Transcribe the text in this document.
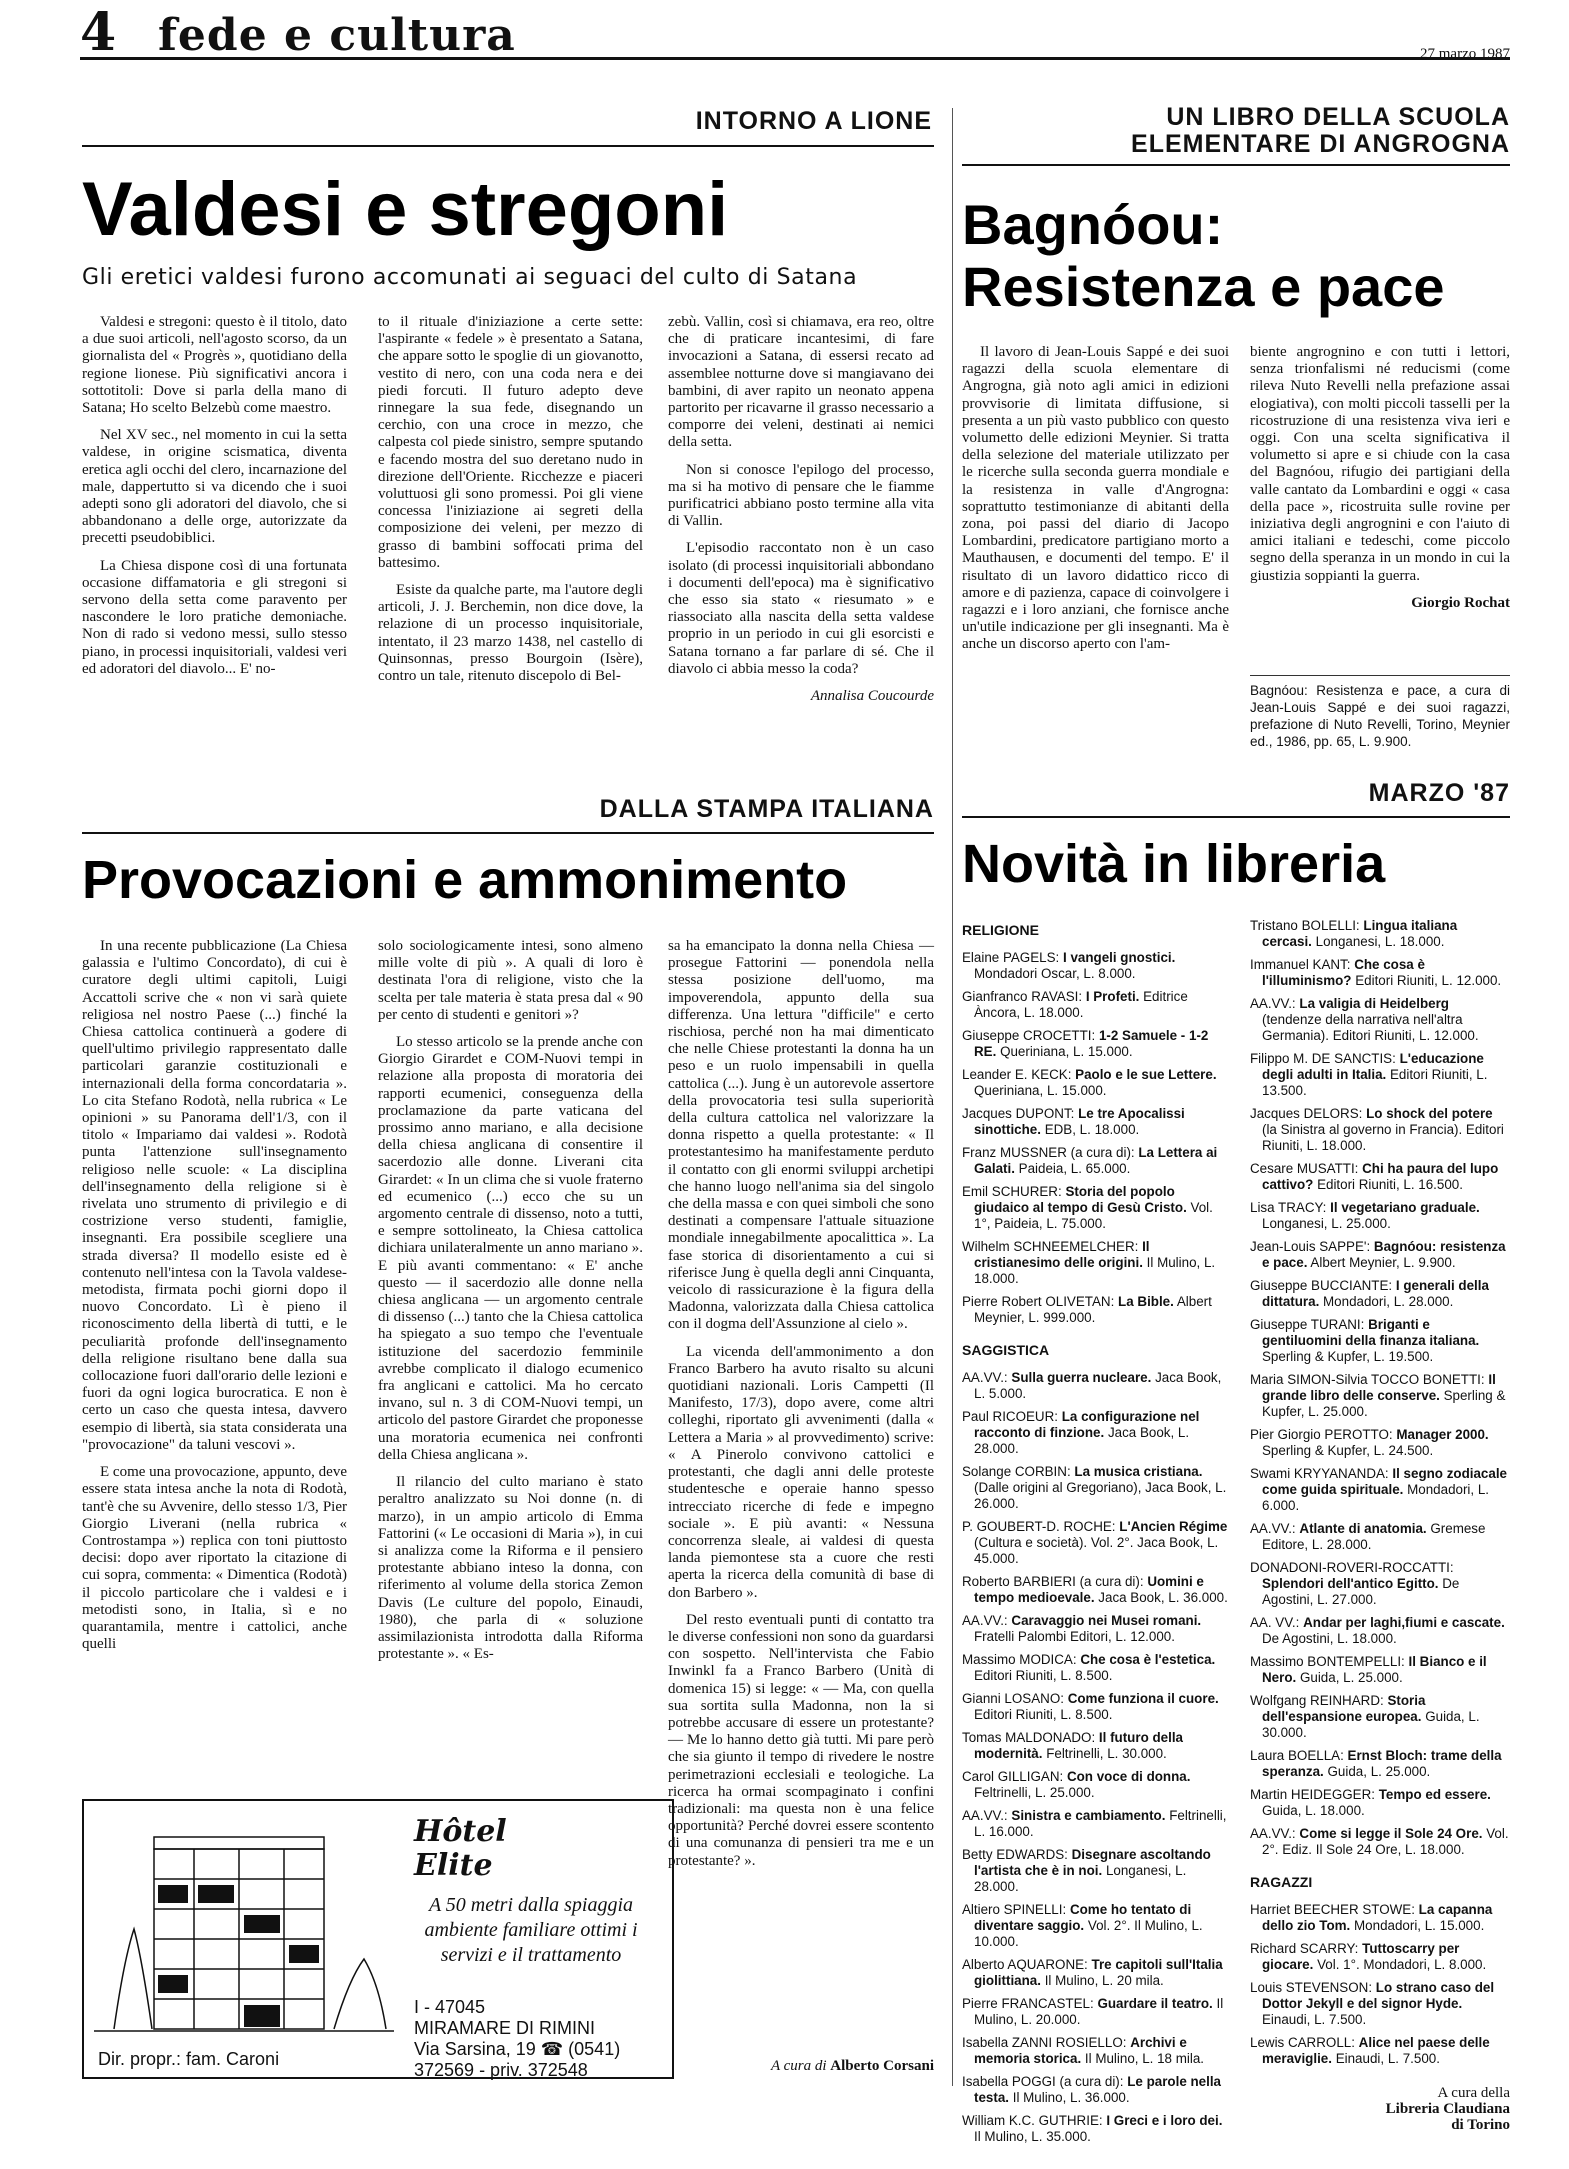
4 fede e cultura	27 marzo 1987
INTORNO A LIONE
Valdesi e stregoni
Gli eretici valdesi furono accomunati ai seguaci del culto di Satana

Valdesi e stregoni: questo è il titolo, dato a due suoi articoli, nell'agosto scorso, da un giornalista del « Progrès », quotidiano della regione lionese. Più significativi ancora i sottotitoli: Dove si parla della mano di Satana; Ho scelto Belzebù come maestro.

Nel XV sec., nel momento in cui la setta valdese, in origine scismatica, diventa eretica agli occhi del clero, incarnazione del male, dappertutto si va dicendo che i suoi adepti sono gli adoratori del diavolo, che si abbandonano a delle orge, autorizzate da precetti pseudobiblici.

La Chiesa dispone così di una fortunata occasione diffamatoria e gli stregoni si servono della setta come paravento per nascondere le loro pratiche demoniache. Non di rado si vedono messi, sullo stesso piano, in processi inquisitoriali, valdesi veri ed adoratori del diavolo... E' no-

to il rituale d'iniziazione a certe sette: l'aspirante « fedele » è presentato a Satana, che appare sotto le spoglie di un giovanotto, vestito di nero, con una coda nera e dei piedi forcuti. Il futuro adepto deve rinnegare la sua fede, disegnando un cerchio, con una croce in mezzo, che calpesta col piede sinistro, sempre sputando e facendo mostra del suo deretano nudo in direzione dell'Oriente. Ricchezze e piaceri voluttuosi gli sono promessi. Poi gli viene concessa l'iniziazione ai segreti della composizione dei veleni, per mezzo di grasso di bambini soffocati prima del battesimo.

Esiste da qualche parte, ma l'autore degli articoli, J. J. Berchemin, non dice dove, la relazione di un processo inquisitoriale, intentato, il 23 marzo 1438, nel castello di Quinsonnas, presso Bourgoin (Isère), contro un tale, ritenuto discepolo di Bel-

zebù. Vallin, così si chiamava, era reo, oltre che di praticare incantesimi, di fare invocazioni a Satana, di essersi recato ad assemblee notturne dove si mangiavano dei bambini, di aver rapito un neonato appena partorito per ricavarne il grasso necessario a comporre dei veleni, destinati ai nemici della setta.

Non si conosce l'epilogo del processo, ma si ha motivo di pensare che le fiamme purificatrici abbiano posto termine alla vita di Vallin.

L'episodio raccontato non è un caso isolato (di processi inquisitoriali abbondano i documenti dell'epoca) ma è significativo che esso sia stato « riesumato » e riassociato alla nascita della setta valdese proprio in un periodo in cui gli esorcisti e Satana tornano a far parlare di sé. Che il diavolo ci abbia messo la coda?

Annalisa Coucourde
UN LIBRO DELLA SCUOLA ELEMENTARE DI ANGROGNA
Bagnóou:
Resistenza e pace

Il lavoro di Jean-Louis Sappé e dei suoi ragazzi della scuola elementare di Angrogna, già noto agli amici in edizioni provvisorie di limitata diffusione, si presenta a un più vasto pubblico con questo volumetto delle edizioni Meynier. Si tratta della selezione del materiale utilizzato per le ricerche sulla seconda guerra mondiale e la resistenza in valle d'Angrogna: soprattutto testimonianze di abitanti della zona, poi passi del diario di Jacopo Lombardini, predicatore partigiano morto a Mauthausen, e documenti del tempo. E' il risultato di un lavoro didattico ricco di amore e di pazienza, capace di coinvolgere i ragazzi e i loro anziani, che fornisce anche un'utile indicazione per gli insegnanti. Ma è anche un discorso aperto con l'am-

biente angrognino e con tutti i lettori, senza trionfalismi né reducismi (come rileva Nuto Revelli nella prefazione assai elogiativa), con molti piccoli tasselli per la ricostruzione di una resistenza viva ieri e oggi. Con una scelta significativa il volumetto si apre e si chiude con la casa del Bagnóou, rifugio dei partigiani della valle cantato da Lombardini e oggi « casa della pace », ricostruita sulle rovine per iniziativa degli angrognini e con l'aiuto di amici italiani e tedeschi, come piccolo segno della speranza in un mondo in cui la giustizia soppianti la guerra.

Giorgio Rochat
Bagnóou: Resistenza e pace, a cura di Jean-Louis Sappé e dei suoi ragazzi, prefazione di Nuto Revelli, Torino, Meynier ed., 1986, pp. 65, L. 9.900.
DALLA STAMPA ITALIANA
Provocazioni e ammonimento

In una recente pubblicazione (La Chiesa galassia e l'ultimo Concordato), di cui è curatore degli ultimi capitoli, Luigi Accattoli scrive che « non vi sarà quiete religiosa nel nostro Paese (...) finché la Chiesa cattolica continuerà a godere di quell'ultimo privilegio rappresentato dalle particolari garanzie costituzionali e internazionali della forma concordataria ». Lo cita Stefano Rodotà, nella rubrica « Le opinioni » su Panorama dell'1/3, con il titolo « Impariamo dai valdesi ». Rodotà punta l'attenzione sull'insegnamento religioso nelle scuole: « La disciplina dell'insegnamento della religione si è rivelata uno strumento di privilegio e di costrizione verso studenti, famiglie, insegnanti. Era possibile scegliere una strada diversa? Il modello esiste ed è contenuto nell'intesa con la Tavola valdese-metodista, firmata pochi giorni dopo il nuovo Concordato. Lì è pieno il riconoscimento della libertà di tutti, e le peculiarità profonde dell'insegnamento della religione risultano bene dalla sua collocazione fuori dall'orario delle lezioni e fuori da ogni logica burocratica. E non è certo un caso che questa intesa, davvero esempio di libertà, sia stata considerata una "provocazione" da taluni vescovi ».

E come una provocazione, appunto, deve essere stata intesa anche la nota di Rodotà, tant'è che su Avvenire, dello stesso 1/3, Pier Giorgio Liverani (nella rubrica « Controstampa ») replica con toni piuttosto decisi: dopo aver riportato la citazione di cui sopra, commenta: « Dimentica (Rodotà) il piccolo particolare che i valdesi e i metodisti sono, in Italia, sì e no quarantamila, mentre i cattolici, anche quelli

solo sociologicamente intesi, sono almeno mille volte di più ». A quali di loro è destinata l'ora di religione, visto che la scelta per tale materia è stata presa dal « 90 per cento di studenti e genitori »?

Lo stesso articolo se la prende anche con Giorgio Girardet e COM-Nuovi tempi in relazione alla proposta di moratoria dei rapporti ecumenici, conseguenza della proclamazione da parte vaticana del prossimo anno mariano, e alla decisione della chiesa anglicana di consentire il sacerdozio alle donne. Liverani cita Girardet: « In un clima che si vuole fraterno ed ecumenico (...) ecco che su un argomento centrale di dissenso, noto a tutti, e sempre sottolineato, la Chiesa cattolica dichiara unilateralmente un anno mariano ». E più avanti commentano: « E' anche questo — il sacerdozio alle donne nella chiesa anglicana — un argomento centrale di dissenso (...) tanto che la Chiesa cattolica ha spiegato a suo tempo che l'eventuale istituzione del sacerdozio femminile avrebbe complicato il dialogo ecumenico fra anglicani e cattolici. Ma ho cercato invano, sul n. 3 di COM-Nuovi tempi, un articolo del pastore Girardet che proponesse una moratoria ecumenica nei confronti della Chiesa anglicana ».

Il rilancio del culto mariano è stato peraltro analizzato su Noi donne (n. di marzo), in un ampio articolo di Emma Fattorini (« Le occasioni di Maria »), in cui si analizza come la Riforma e il pensiero protestante abbiano inteso la donna, con riferimento al volume della storica Zemon Davis (Le culture del popolo, Einaudi, 1980), che parla di « soluzione assimilazionista introdotta dalla Riforma protestante ». « Es-

sa ha emancipato la donna nella Chiesa — prosegue Fattorini — ponendola nella stessa posizione dell'uomo, ma impoverendola, appunto della sua differenza. Una lettura "difficile" e certo rischiosa, perché non ha mai dimenticato che nelle Chiese protestanti la donna ha un peso e un ruolo impensabili in quella cattolica (...). Jung è un autorevole assertore della provocatoria tesi sulla superiorità della cultura cattolica nel valorizzare la donna rispetto a quella protestante: « Il protestantesimo ha manifestamente perduto il contatto con gli enormi sviluppi archetipi che hanno luogo nell'anima sia del singolo che della massa e con quei simboli che sono destinati a compensare l'attuale situazione mondiale innegabilmente apocalittica ». La fase storica di disorientamento a cui si riferisce Jung è quella degli anni Cinquanta, veicolo di rassicurazione è la figura della Madonna, valorizzata dalla Chiesa cattolica con il dogma dell'Assunzione al cielo ».

La vicenda dell'ammonimento a don Franco Barbero ha avuto risalto su alcuni quotidiani nazionali. Loris Campetti (Il Manifesto, 17/3), dopo avere, come altri colleghi, riportato gli avvenimenti (dalla « Lettera a Maria » al provvedimento) scrive: « A Pinerolo convivono cattolici e protestanti, che dagli anni delle proteste studentesche e operaie hanno spesso intrecciato ricerche di fede e impegno sociale ». E più avanti: « Nessuna concorrenza sleale, ai valdesi di questa landa piemontese sta a cuore che resti aperta la ricerca della comunità di base di don Barbero ».

Del resto eventuali punti di contatto tra le diverse confessioni non sono da guardarsi con sospetto. Nell'intervista che Fabio Inwinkl fa a Franco Barbero (Unità di domenica 15) si legge: « — Ma, con quella sua sortita sulla Madonna, non la si potrebbe accusare di essere un protestante? — Me lo hanno detto già tutti. Mi pare però che sia giunto il tempo di rivedere le nostre perimetrazioni ecclesiali e teologiche. La ricerca ha ormai scompaginato i confini tradizionali: ma questa non è una felice opportunità? Perché dovrei essere scontento di una comunanza di pensieri tra me e un protestante? ».

A cura di Alberto Corsani
MARZO '87
Novità in libreria
RELIGIONE
Elaine PAGELS: I vangeli gnostici. Mondadori Oscar, L. 8.000.
Gianfranco RAVASI: I Profeti. Editrice Àncora, L. 18.000.
Giuseppe CROCETTI: 1-2 Samuele - 1-2 RE. Queriniana, L. 15.000.
Leander E. KECK: Paolo e le sue Lettere. Queriniana, L. 15.000.
Jacques DUPONT: Le tre Apocalissi sinottiche. EDB, L. 18.000.
Franz MUSSNER (a cura di): La Lettera ai Galati. Paideia, L. 65.000.
Emil SCHURER: Storia del popolo giudaico al tempo di Gesù Cristo. Vol. 1°, Paideia, L. 75.000.
Wilhelm SCHNEEMELCHER: Il cristianesimo delle origini. Il Mulino, L. 18.000.
Pierre Robert OLIVETAN: La Bible. Albert Meynier, L. 999.000.
SAGGISTICA
AA.VV.: Sulla guerra nucleare. Jaca Book, L. 5.000.
Paul RICOEUR: La configurazione nel racconto di finzione. Jaca Book, L. 28.000.
Solange CORBIN: La musica cristiana. (Dalle origini al Gregoriano), Jaca Book, L. 26.000.
P. GOUBERT-D. ROCHE: L'Ancien Régime (Cultura e società). Vol. 2°. Jaca Book, L. 45.000.
Roberto BARBIERI (a cura di): Uomini e tempo medioevale. Jaca Book, L. 36.000.
AA.VV.: Caravaggio nei Musei romani. Fratelli Palombi Editori, L. 12.000.
Massimo MODICA: Che cosa è l'estetica. Editori Riuniti, L. 8.500.
Gianni LOSANO: Come funziona il cuore. Editori Riuniti, L. 8.500.
Tomas MALDONADO: Il futuro della modernità. Feltrinelli, L. 30.000.
Carol GILLIGAN: Con voce di donna. Feltrinelli, L. 25.000.
AA.VV.: Sinistra e cambiamento. Feltrinelli, L. 16.000.
Betty EDWARDS: Disegnare ascoltando l'artista che è in noi. Longanesi, L. 28.000.
Altiero SPINELLI: Come ho tentato di diventare saggio. Vol. 2°. Il Mulino, L. 10.000.
Alberto AQUARONE: Tre capitoli sull'Italia giolittiana. Il Mulino, L. 20 mila.
Pierre FRANCASTEL: Guardare il teatro. Il Mulino, L. 20.000.
Isabella ZANNI ROSIELLO: Archivi e memoria storica. Il Mulino, L. 18 mila.
Isabella POGGI (a cura di): Le parole nella testa. Il Mulino, L. 36.000.
William K.C. GUTHRIE: I Greci e i loro dei. Il Mulino, L. 35.000.
Tristano BOLELLI: Lingua italiana cercasi. Longanesi, L. 18.000.
Immanuel KANT: Che cosa è l'illuminismo? Editori Riuniti, L. 12.000.
AA.VV.: La valigia di Heidelberg (tendenze della narrativa nell'altra Germania). Editori Riuniti, L. 12.000.
Filippo M. DE SANCTIS: L'educazione degli adulti in Italia. Editori Riuniti, L. 13.500.
Jacques DELORS: Lo shock del potere (la Sinistra al governo in Francia). Editori Riuniti, L. 18.000.
Cesare MUSATTI: Chi ha paura del lupo cattivo? Editori Riuniti, L. 16.500.
Lisa TRACY: Il vegetariano graduale. Longanesi, L. 25.000.
Jean-Louis SAPPE': Bagnóou: resistenza e pace. Albert Meynier, L. 9.900.
Giuseppe BUCCIANTE: I generali della dittatura. Mondadori, L. 28.000.
Giuseppe TURANI: Briganti e gentiluomini della finanza italiana. Sperling & Kupfer, L. 19.500.
Maria SIMON-Silvia TOCCO BONETTI: Il grande libro delle conserve. Sperling & Kupfer, L. 25.000.
Pier Giorgio PEROTTO: Manager 2000. Sperling & Kupfer, L. 24.500.
Swami KRYYANANDA: Il segno zodiacale come guida spirituale. Mondadori, L. 6.000.
AA.VV.: Atlante di anatomia. Gremese Editore, L. 28.000.
DONADONI-ROVERI-ROCCATTI: Splendori dell'antico Egitto. De Agostini, L. 27.000.
AA. VV.: Andar per laghi,fiumi e cascate. De Agostini, L. 18.000.
Massimo BONTEMPELLI: Il Bianco e il Nero. Guida, L. 25.000.
Wolfgang REINHARD: Storia dell'espansione europea. Guida, L. 30.000.
Laura BOELLA: Ernst Bloch: trame della speranza. Guida, L. 25.000.
Martin HEIDEGGER: Tempo ed essere. Guida, L. 18.000.
AA.VV.: Come si legge il Sole 24 Ore. Vol. 2°. Ediz. Il Sole 24 Ore, L. 18.000.
RAGAZZI
Harriet BEECHER STOWE: La capanna dello zio Tom. Mondadori, L. 15.000.
Richard SCARRY: Tuttoscarry per giocare. Vol. 1°. Mondadori, L. 8.000.
Louis STEVENSON: Lo strano caso del Dottor Jekyll e del signor Hyde. Einaudi, L. 7.500.
Lewis CARROLL: Alice nel paese delle meraviglie. Einaudi, L. 7.500.
A cura della
Libreria Claudiana
di Torino
Hôtel
Elite
A 50 metri dalla spiaggia ambiente familiare ottimi i servizi e il trattamento
I - 47045
MIRAMARE DI RIMINI
Via Sarsina, 19 ☎ (0541)
372569 - priv. 372548
Dir. propr.: fam. Caroni
